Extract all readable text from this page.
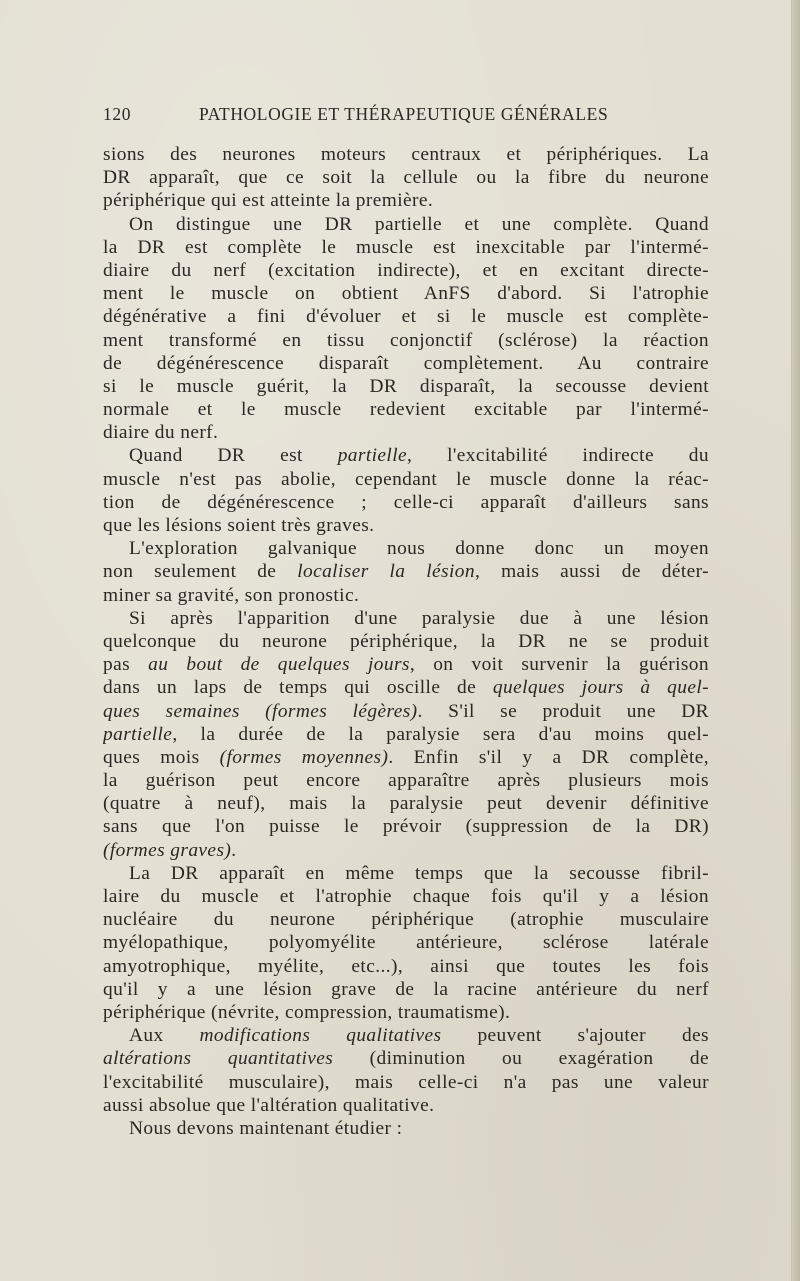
120	PATHOLOGIE ET THÉRAPEUTIQUE GÉNÉRALES
sions des neurones moteurs centraux et périphériques. La
DR apparaît, que ce soit la cellule ou la fibre du neurone
périphérique qui est atteinte la première.
On distingue une DR partielle et une complète. Quand
la DR est complète le muscle est inexcitable par l'intermé-
diaire du nerf (excitation indirecte), et en excitant directe-
ment le muscle on obtient AnFS d'abord. Si l'atrophie
dégénérative a fini d'évoluer et si le muscle est complète-
ment transformé en tissu conjonctif (sclérose) la réaction
de dégénérescence disparaît complètement. Au contraire
si le muscle guérit, la DR disparaît, la secousse devient
normale et le muscle redevient excitable par l'intermé-
diaire du nerf.
Quand DR est partielle, l'excitabilité indirecte du
muscle n'est pas abolie, cependant le muscle donne la réac-
tion de dégénérescence ; celle-ci apparaît d'ailleurs sans
que les lésions soient très graves.
L'exploration galvanique nous donne donc un moyen
non seulement de localiser la lésion, mais aussi de déter-
miner sa gravité, son pronostic.
Si après l'apparition d'une paralysie due à une lésion
quelconque du neurone périphérique, la DR ne se produit
pas au bout de quelques jours, on voit survenir la guérison
dans un laps de temps qui oscille de quelques jours à quel-
ques semaines (formes légères). S'il se produit une DR
partielle, la durée de la paralysie sera d'au moins quel-
ques mois (formes moyennes). Enfin s'il y a DR complète,
la guérison peut encore apparaître après plusieurs mois
(quatre à neuf), mais la paralysie peut devenir définitive
sans que l'on puisse le prévoir (suppression de la DR)
(formes graves).
La DR apparaît en même temps que la secousse fibril-
laire du muscle et l'atrophie chaque fois qu'il y a lésion
nucléaire du neurone périphérique (atrophie musculaire
myélopathique, polyomyélite antérieure, sclérose latérale
amyotrophique, myélite, etc...), ainsi que toutes les fois
qu'il y a une lésion grave de la racine antérieure du nerf
périphérique (névrite, compression, traumatisme).
Aux modifications qualitatives peuvent s'ajouter des
altérations quantitatives (diminution ou exagération de
l'excitabilité musculaire), mais celle-ci n'a pas une valeur
aussi absolue que l'altération qualitative.
Nous devons maintenant étudier :
